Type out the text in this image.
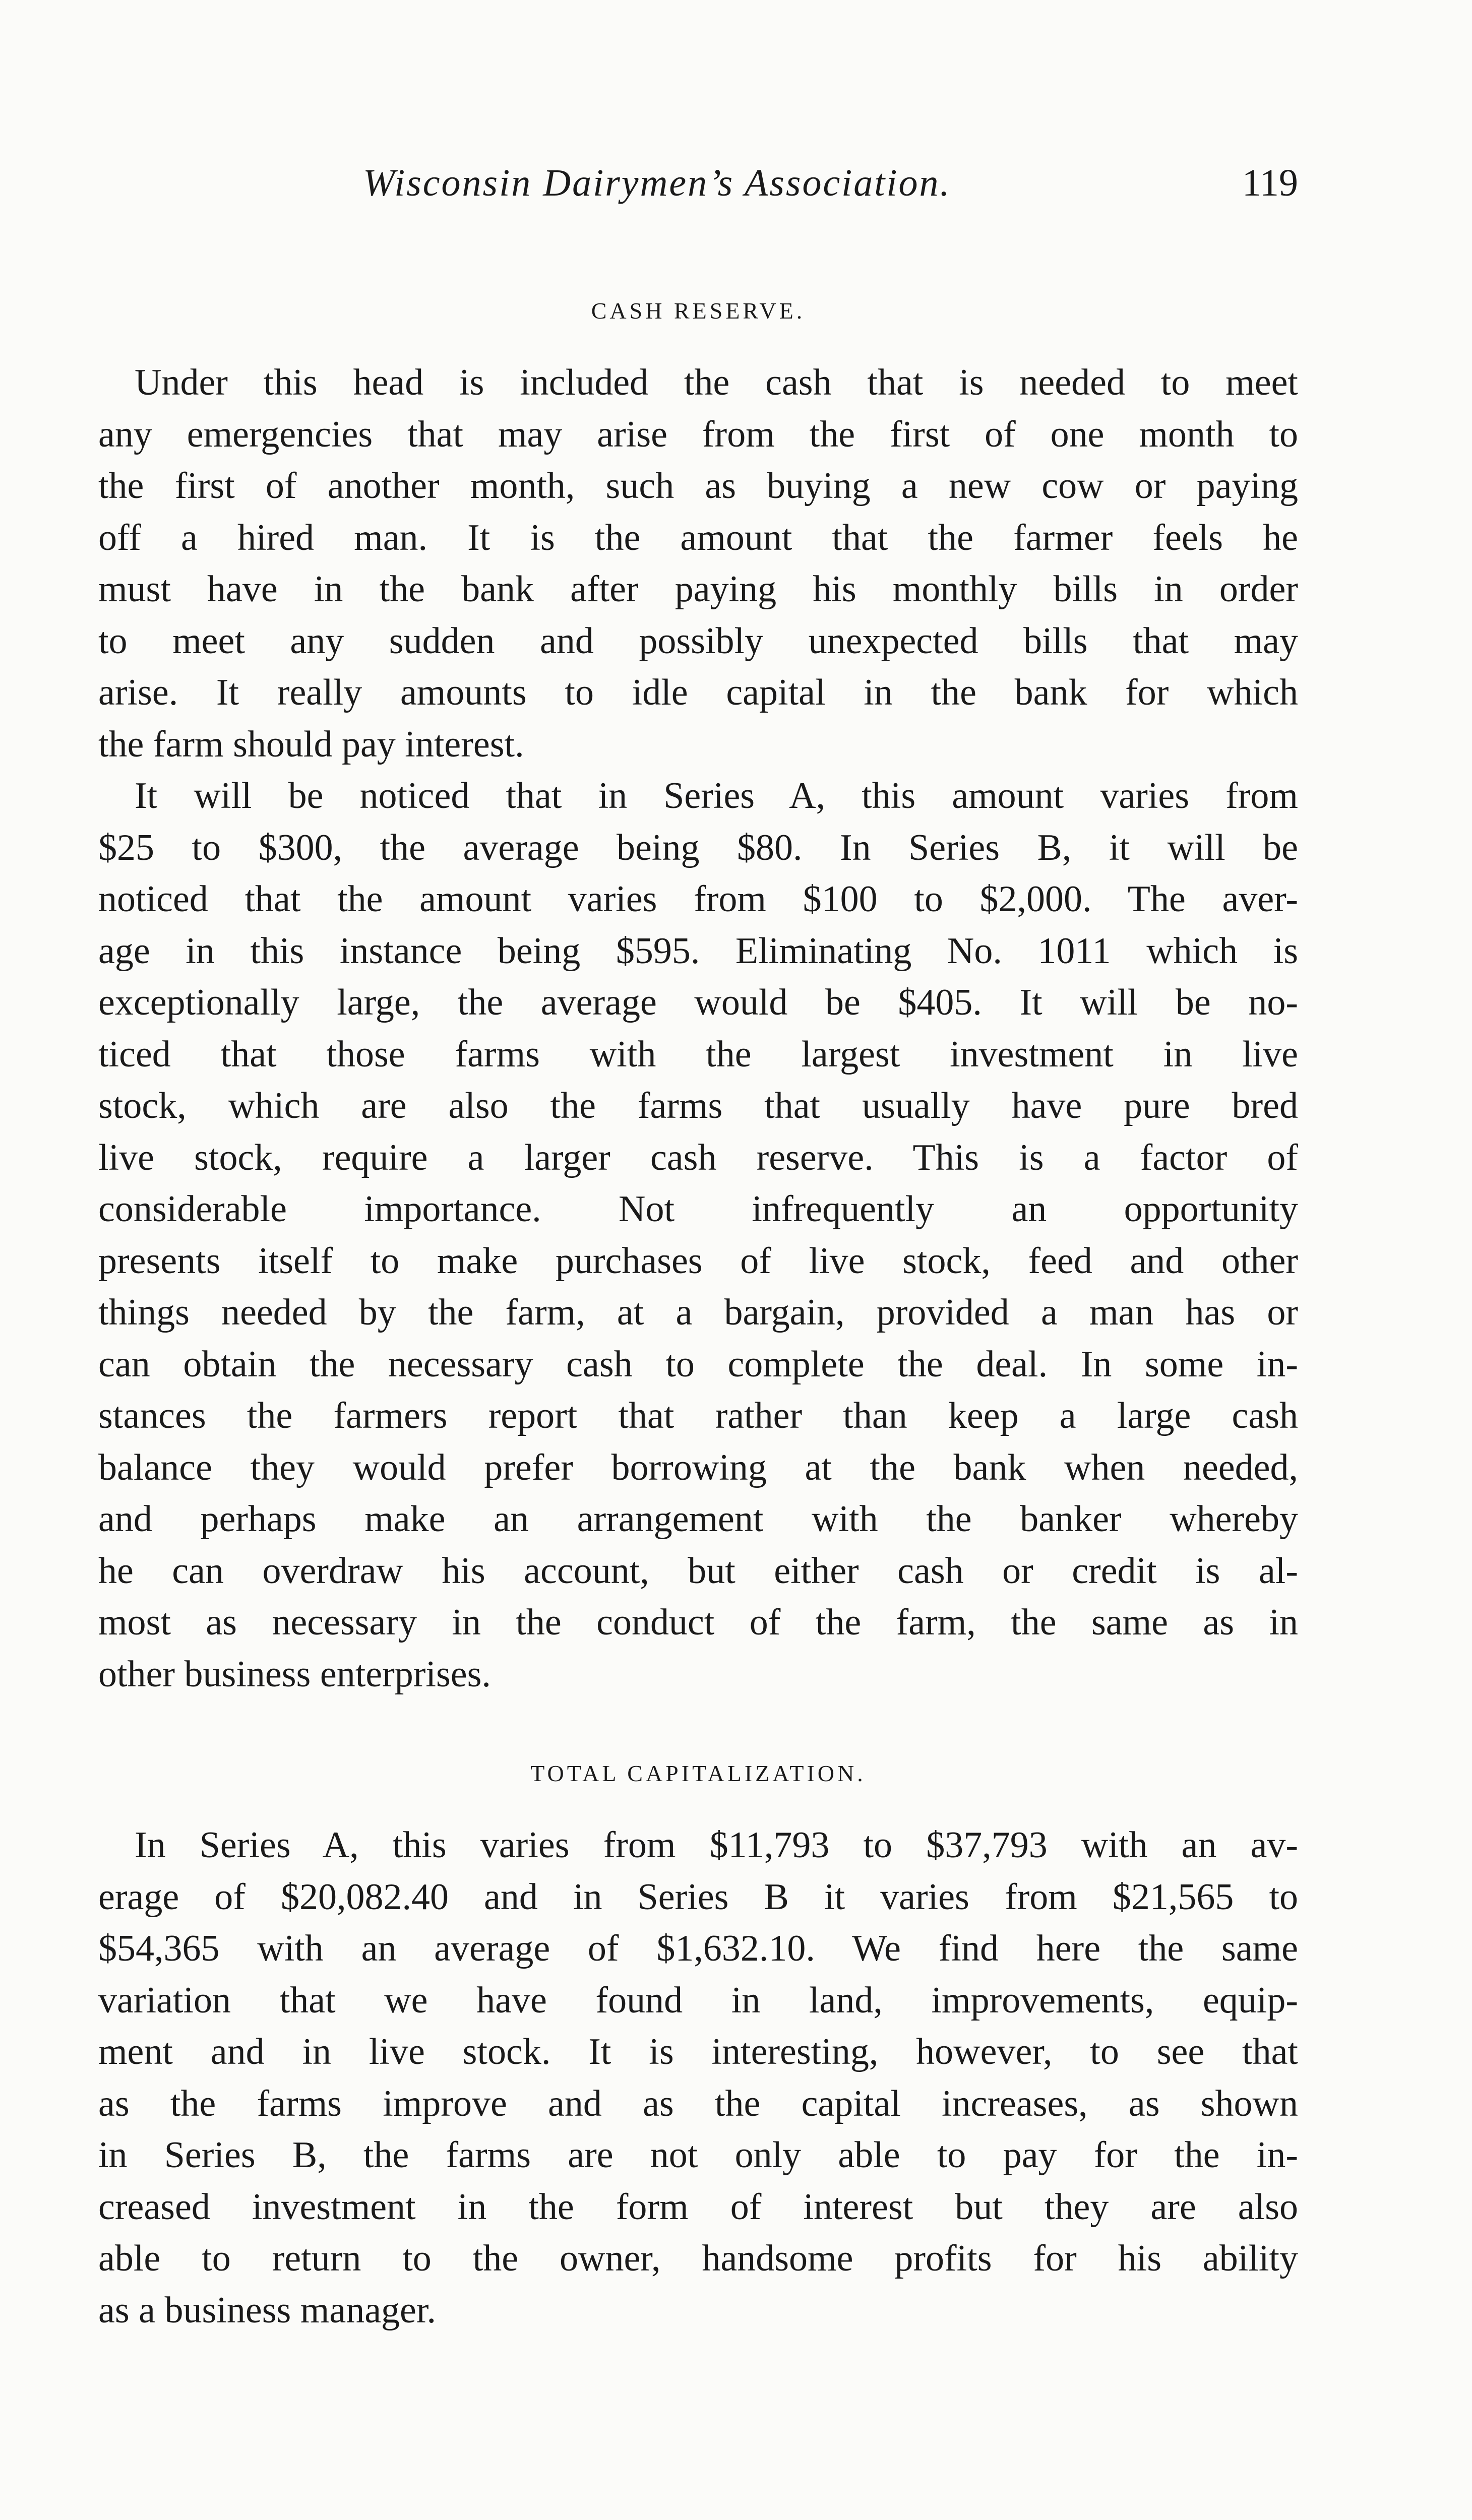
Wisconsin Dairymen’s Association.	119
CASH RESERVE.
Under this head is included the cash that is needed to meet
any emergencies that may arise from the first of one month to
the first of another month, such as buying a new cow or paying
off a hired man. It is the amount that the farmer feels he
must have in the bank after paying his monthly bills in order
to meet any sudden and possibly unexpected bills that may
arise. It really amounts to idle capital in the bank for which
the farm should pay interest.
It will be noticed that in Series A, this amount varies from
$25 to $300, the average being $80. In Series B, it will be
noticed that the amount varies from $100 to $2,000. The aver-
age in this instance being $595. Eliminating No. 1011 which is
exceptionally large, the average would be $405. It will be no-
ticed that those farms with the largest investment in live
stock, which are also the farms that usually have pure bred
live stock, require a larger cash reserve. This is a factor of
considerable importance. Not infrequently an opportunity
presents itself to make purchases of live stock, feed and other
things needed by the farm, at a bargain, provided a man has or
can obtain the necessary cash to complete the deal. In some in-
stances the farmers report that rather than keep a large cash
balance they would prefer borrowing at the bank when needed,
and perhaps make an arrangement with the banker whereby
he can overdraw his account, but either cash or credit is al-
most as necessary in the conduct of the farm, the same as in
other business enterprises.
TOTAL CAPITALIZATION.
In Series A, this varies from $11,793 to $37,793 with an av-
erage of $20,082.40 and in Series B it varies from $21,565 to
$54,365 with an average of $1,632.10. We find here the same
variation that we have found in land, improvements, equip-
ment and in live stock. It is interesting, however, to see that
as the farms improve and as the capital increases, as shown
in Series B, the farms are not only able to pay for the in-
creased investment in the form of interest but they are also
able to return to the owner, handsome profits for his ability
as a business manager.
